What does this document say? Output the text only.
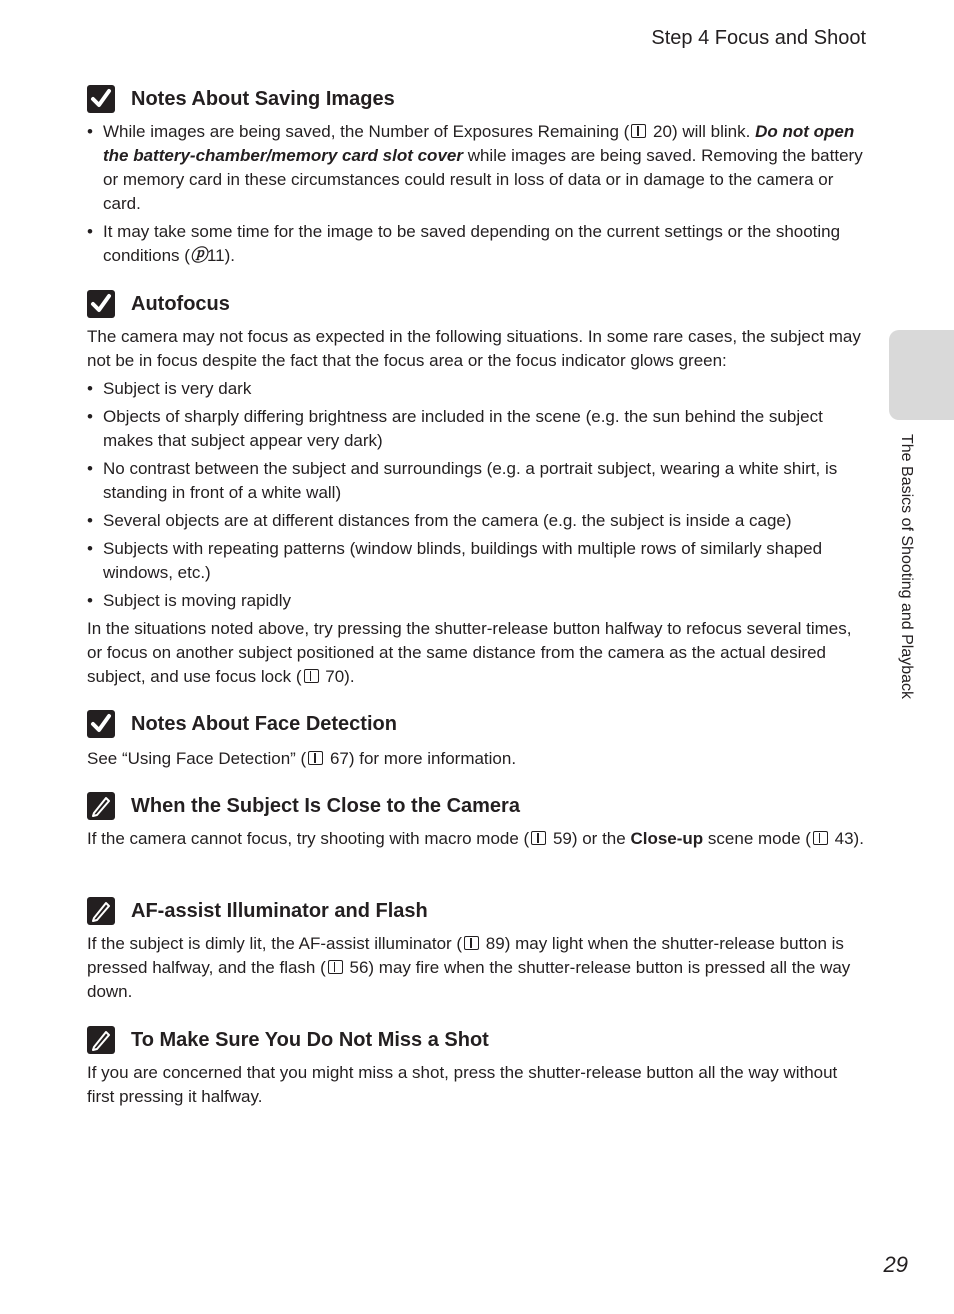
Step 4 Focus and Shoot
The Basics of Shooting and Playback
29
Notes About Saving Images
• While images are being saved, the Number of Exposures Remaining ( 20) will blink. Do not open the battery-chamber/memory card slot cover while images are being saved. Removing the battery or memory card in these circumstances could result in loss of data or in damage to the camera or card.
• It may take some time for the image to be saved depending on the current settings or the shooting conditions (ⓟ11).
Autofocus

The camera may not focus as expected in the following situations. In some rare cases, the subject may not be in focus despite the fact that the focus area or the focus indicator glows green:

• Subject is very dark
• Objects of sharply differing brightness are included in the scene (e.g. the sun behind the subject makes that subject appear very dark)
• No contrast between the subject and surroundings (e.g. a portrait subject, wearing a white shirt, is standing in front of a white wall)
• Several objects are at different distances from the camera (e.g. the subject is inside a cage)
• Subjects with repeating patterns (window blinds, buildings with multiple rows of similarly shaped windows, etc.)
• Subject is moving rapidly

In the situations noted above, try pressing the shutter-release button halfway to refocus several times, or focus on another subject positioned at the same distance from the camera as the actual desired subject, and use focus lock ( 70).

Notes About Face Detection

See “Using Face Detection” ( 67) for more information.

When the Subject Is Close to the Camera

If the camera cannot focus, try shooting with macro mode ( 59) or the Close-up scene mode ( 43).

AF-assist Illuminator and Flash

If the subject is dimly lit, the AF-assist illuminator ( 89) may light when the shutter-release button is pressed halfway, and the flash ( 56) may fire when the shutter-release button is pressed all the way down.

To Make Sure You Do Not Miss a Shot

If you are concerned that you might miss a shot, press the shutter-release button all the way without first pressing it halfway.
